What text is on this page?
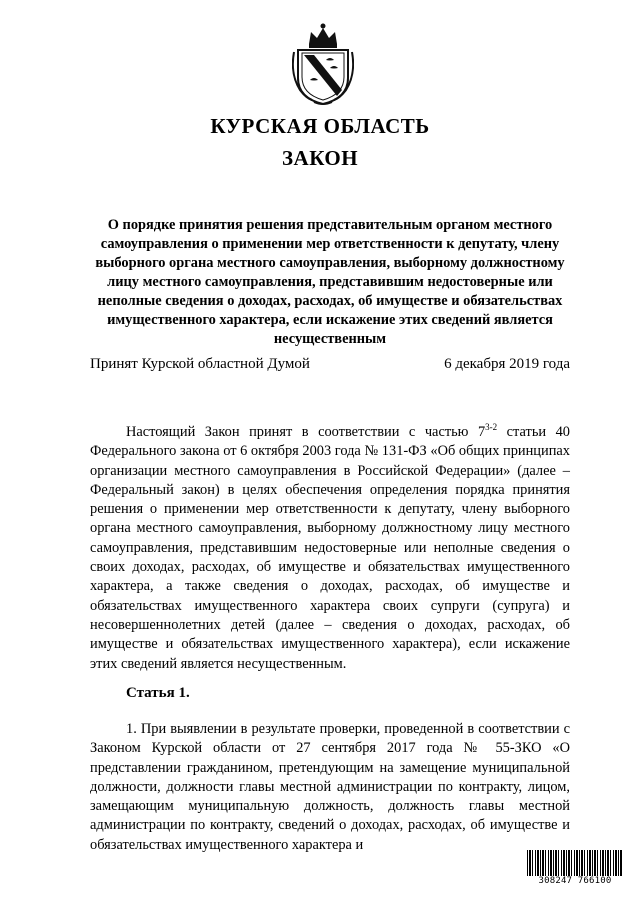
КУРСКАЯ ОБЛАСТЬ
ЗАКОН
О порядке принятия решения представительным органом местного самоуправления о применении мер ответственности к депутату, члену выборного органа местного самоуправления, выборному должностному лицу местного самоуправления, представившим недостоверные или неполные сведения о доходах, расходах, об имуществе и обязательствах имущественного характера, если искажение этих сведений является несущественным
Принят Курской областной Думой	6 декабря 2019 года

Настоящий Закон принят в соответствии с частью 7$^{3-2}$ статьи 40 Федерального закона от 6 октября 2003 года № 131-ФЗ «Об общих принципах организации местного самоуправления в Российской Федерации» (далее – Федеральный закон) в целях обеспечения определения порядка принятия решения о применении мер ответственности к депутату, члену выборного органа местного самоуправления, выборному должностному лицу местного самоуправления, представившим недостоверные или неполные сведения о своих доходах, расходах, об имуществе и обязательствах имущественного характера, а также сведения о доходах, расходах, об имуществе и обязательствах имущественного характера своих супруги (супруга) и несовершеннолетних детей (далее – сведения о доходах, расходах, об имуществе и обязательствах имущественного характера), если искажение этих сведений является несущественным.

Статья 1.

1. При выявлении в результате проверки, проведенной в соответствии с Законом Курской области от 27 сентября 2017 года № 55-ЗКО «О представлении гражданином, претендующим на замещение муниципальной должности, должности главы местной администрации по контракту, лицом, замещающим муниципальную должность, должность главы местной администрации по контракту, сведений о доходах, расходах, об имуществе и обязательствах имущественного характера и

308247 766100
